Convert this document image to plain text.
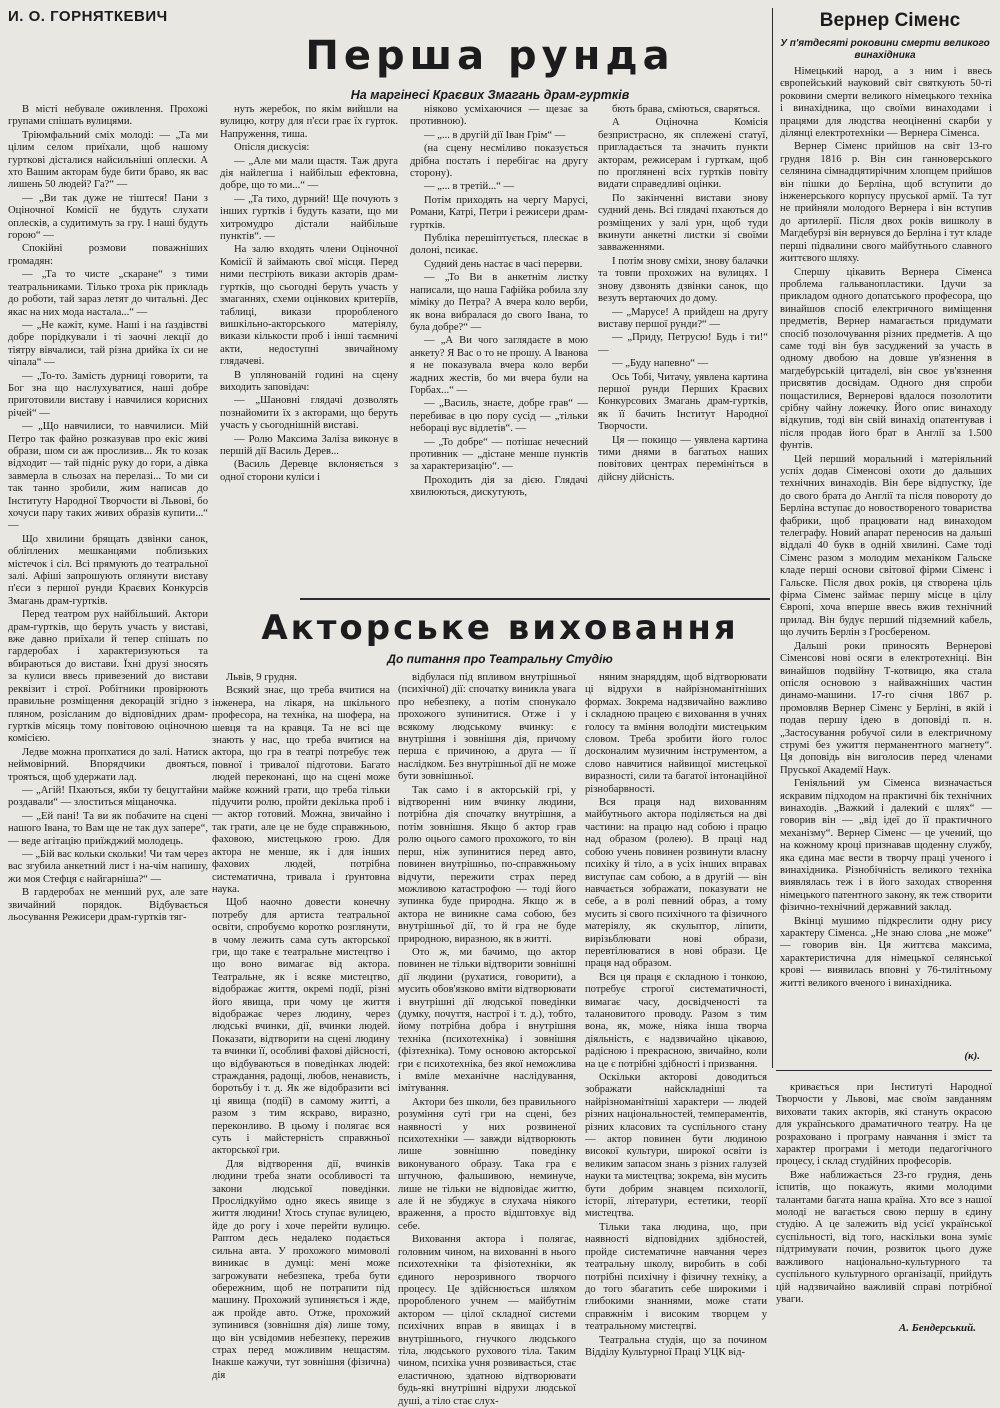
И. О. ГОРНЯТКЕВИЧ
Перша рунда
На маргінесі Краєвих Змагань драм-гуртків

В місті небувале оживлення. Прохожі групами спішать вулицями.

Тріюмфальний сміх молоді: — „Та ми цілим селом приїхали, щоб нашому гурткові дісталися найсильніші оплески. А хто Вашим акторам буде бити браво, як вас лишень 50 людей? Га?“ —

— „Ви так дуже не тіштеся! Пани з Оціночної Комісії не будуть слухати оплесків, а судитимуть за гру. І наші будуть горою“ —

Спокійні розмови поважніших громадян:

— „Та то чисте „скаране“ з тими театральниками. Тількo троха рік прикладь до роботи, тай зараз летят до читальні. Дес якас на них мода настала...“ —

— „Не кажіт, куме. Наші і на ґаздівстві добре порідкували і ті заочні лекції до тіятру вівчалиси, тай різна дрийка їх си не чіпала“ —

— „То-то. Замість дурниці говорити, та Бог зна що наслухуватися, наші добре приготовили виставу і навчилися корисних річей“ —

— „Що навчилиси, то навчилиси. Мій Петро так файно розказував про екіс живі образи, шом си аж прослизив... Як то козак відходит — тай підніс руку до гори, а дівка завмерла в сльозах на перелазі... То ми си так танно зробили, жим написав до Інституту Народної Творчости ві Львові, бо хочуси пару таких живих образів купити...“ —

Що хвилини брящать дзвінки санок, обліплених мешканцями поблизьких містечок і сіл. Всі прямують до театральної залі. Афіші запрошують оглянути виставу п'єси з першої рунди Краєвих Конкурсів Змагань драм-гуртків.

Перед театром рух найбільший. Актори драм-гуртків, що беруть участь у виставі, вже давно приїхали й тепер спішать по гардеробах і характеризуються та вбираються до вистави. Їхні друзі зносять за кулиси ввесь привезений до вистави реквізит і строї. Робітники провірюють правильне розміщення декорацій згідно з пляном, розісланим до відповідних драм-гуртків місяць тому повітовою оціночною комісією.

Ледве можна пропхатися до залі. Натиск неймовірний. Впорядчики двояться, трояться, щоб удержати лад.

— „Агій! Пхаються, якби ту бецугтайни роздавали“ — злоститься міщаночка.

— „Ей пані! Та ви як побачите на сцені нашого Івана, то Вам ще не так дух заперe“, — веде агітацію приїжджий молодець.

— „Бій вас кольки скольки! Чи там через вас згубила анкетний лист і на-чім напишу, жи моя Стефця є найгарніша?“ —

В гардеробах не менший рух, але зате звичайний порядок. Відбувається льосування Режисери драм-гуртків тяг-

нуть жеребок, по якім вийшли на вулицю, котру для п'єси грає їх гурток. Напруження, тиша.

Опісля дискусія:

— „Але ми мали щастя. Таж друга дія найлегша і найбільш ефектовна, добре, що то ми...“ —

— „Та тихо, дурний! Ще почують з інших гуртків і будуть казати, що ми хитромудро дістали найбільше пунктів“. —

На залю входять члени Оціночної Комісії й займають свої місця. Перед ними пестріють викази акторів драм-гуртків, що сьогодні беруть участь у змаганнях, схеми оцінкових критеріїв, таблиці, викази проробленого вишкільно-акторського матеріялу, викази кількости проб і інші таємничі акти, недоступні звичайному глядачеві.

В упляновaній годині на сцену виходить заповідач:

— „Шановні глядачі дозволять познайомити їх з акторами, що беруть участь у сьогоднішній виставі.

— Ролю Максима Заліза виконує в першій дії Василь Дерев...

(Василь Деревце вклоняється з одної сторони куліси і

ніяково усміхаючися — щезає за противною).

— „... в другій дії Іван Грім“ —

(на сцену несміливо показується дрібна постать і перебігає на другу сторону).

— „... в третій...“ —

Потім приходять на чергу Марусі, Романи, Катрі, Петри і режисери драм-гуртків.

Публіка перешіптується, плескає в долоні, псикає.

Судний день настає в часі перерви.

— „То Ви в анкетнім листку написали, що наша Гафійка робила злу міміку до Петра? А вчера коло верби, як вона вибралася до свого Івана, то була добре?“ —

— „А Ви чого заглядаєте в мою анкету? Я Вас о то не прошу. А Іванова я не показувала вчера коло верби жадних жестів, бо ми вчера були на Горбах...“ —

— „Василь, знаєте, добре грав“ — перебиває в цю пору сусід — „тільки небораці вус відлетів“. —

— „То добре“ — потішає нечесний противник — „дістане менше пунктів за характеризацію“. —

Проходить дія за дією. Глядачі хвилюються, дискутують,

бють брава, сміються, сваряться.

А Оціночна Комісія безпристрасно, як сплежені статуї, пригладається та значить пункти акторам, режисерам і гурткам, щоб по проглянені всіх гуртків повіту видати справедливі оцінки.

По закінченні вистави знову судний день. Всі глядачі пхаються до розміщених у залі урн, щоб туди вкинути анкетні листки зі своїми завваженнями.

І потім знову сміхи, знову балачки та товпи прохожих на вулицях. І знову дзвонять дзвінки санок, що везуть вертаючих до дому.

— „Марусе! А прийдеш на другу виставу першої рунди?“ —

— „Приду, Петрусю! Будь і ти!“ —

— „Буду напевно“ —

Ось Тобі, Читачу, уявлена картина першої рунди Перших Краєвих Конкурсових Змагань драм-гуртків, як її бачить Інститут Народної Творчости.

Ця — покищо — уявлена картина тими днями в багатьох наших повітових центрах перемініться в дійсну дійсність.

Акторське виховання
До питання про Театральну Студію

Львів, 9 грудня.

Всякий знає, що треба вчитися на інженера, на лікаря, на шкільного професора, на техніка, на шофера, на шевця та на кравця. Та не всі ще знають у нас, що треба вчитися на актора, що гра в театрі потребує теж повної і тривалої підготови. Багато людей переконані, що на сцені може майже кожний грати, що треба тільки підучити ролю, пройти декілька проб і — актор готовий. Можна, звичайно і так грати, але це не буде справжньою, фаховою, мистецькою грою. Для актора не менше, як і для інших фахових людей, потрібна систематична, тривала і ґрунтовна наука.

Щоб наочно довести конечну потребу для артиста театральної освіти, спробуємо коротко розглянути, в чому лежить сама суть акторської гри, що таке є театральне мистецтво і що воно вимагає від актора. Театральне, як і всяке мистецтво, відображає життя, окремі події, різні його явища, при чому це життя відображає через людину, через людські вчинки, дії, вчинки людей. Показати, відтворити на сцені людину та вчинки її, особливі фахові дійсності, що відбуваються в поведінках людей: страждання, радощі, любов, ненависть, боротьбу і т. д. Як же відобразити всі ці явища (події) в самому житті, а разом з тим яскраво, виразно, переконливо. В цьому і полягає вся суть і майстерність справжньої акторської гри.

Для відтворення дії, вчинків людини треба знати особливості та закони людської поведінки. Прослідкуймо одно якесь явище з життя людини! Хтось ступає вулицею, йде до рогу і хоче перейти вулицю. Раптом десь недалеко подається сильна авта. У прохожого мимоволі виникає в думці: мені може загрожувати небезпека, треба бути обережним, щоб не потрапити під машину. Прохожий зупиняється і жде, аж пройде авто. Отже, прохожий зупинився (зовнішня дія) лише тому, що він усвідомив небезпеку, пережив страх перед можливим нещастям. Інакше кажучи, тут зовнішня (фізична) дія

відбулася під впливом внутрішньої (психічної) дії: спочатку виникла увага про небезпеку, а потім спонукало прохожого зупинитися. Отже і у всякому людському вчинку: є внутрішня і зовнішня дія, причому перша є причиною, а друга — її наслідком. Без внутрішньої дії не може бути зовнішньої.

Так само і в акторській грі, у відтворенні ним вчинку людини, потрібна дія спочатку внутрішня, а потім зовнішня. Якщо б актор грав ролю оцього самого прохожого, то він перш, ніж зупинитися перед авто, повинен внутрішньо, по-справжньому відчути, пережити страх перед можливою катастрофою — тоді його зупинка буде природна. Якщо ж в актора не виникне сама собою, без внутрішньої дії, то й гра не буде природною, виразною, як в житті.

Ото ж, ми бачимо, що актор повинен не тільки відтворити зовнішні дії людини (рухатися, говорити), а мусить обов'язково вміти відтворювати і внутрішні дії людської поведінки (думку, почуття, настрої і т. д.), тобто, йому потрібна добра і внутрішня техніка (психотехніка) і зовнішня (фізтехніка). Тому основою акторської гри є психотехніка, без якої неможлива і вміле механічне наслідування, імітування.

Актори без школи, без правильного розуміння суті гри на сцені, без наявності у них розвиненої психотехніки — завжди відтворюють лише зовнішню поведінку виконуваного образу. Така гра є штучною, фальшивою, неминуче, лише не тільки не відповідає життю, але й не збуджує в слухача ніякого враження, а просто відштовхує від себе.

Виховання актора і полягає, головним чином, на вихованні в нього психотехніки та фізіотехніки, як єдиного нерозривного творчого процесу. Це здійснюється шляхом проробленого учнем — майбутнім актором — цілої складної системи психічних вправ в явищах і в внутрішнього, гнучкого людського тіла, людського рухового тіла. Таким чином, психіка учня розвивається, стає еластичною, здатною відтворювати будь-які внутрішні відрухи людської душі, а тіло стає слух-

няним знаряддям, щоб відтворювати ці відрухи в найрізноманітніших формах. Зокрема надзвичайно важливо і складною працею є виховання в учнях голосу та вміння володіти мистецьким словом. Треба зробити його голос досконалим музичним інструментом, а слово навчитися найвищої мистецької виразності, сили та багатої інтонаційної різнобарвності.

Вся праця над вихованням майбутнього актора поділяється на дві частини: на працю над собою і працю над образом (ролею). В праці над собою учень повинен розвинути власну психіку й тіло, а в усіх інших вправах виступає сам собою, а в другій — він навчається зображати, показувати не себе, а в ролі певний образ, а тому мусить зі свого психічного та фізичного матеріялу, як скульптор, ліпити, вирізьблювати нові образи, перевтілюватися в нові образи. Це праця над образом.

Вся ця праця є складною і тонкою, потребує строгої систематичності, вимагає часу, досвідченості та талановитого проводу. Разом з тим вона, як, може, ніяка інша творча діяльність, є надзвичайно цікавою, радісною і прекрасною, звичайно, коли на це є потрібні здібності і призвання.

Оскільки акторові доводиться зображати найскладніші та найрізноманітніші характери — людей різних національностей, темпераментів, різних класових та суспільного стану — актор повинен бути людиною високої культури, широкої освіти із великим запасом знань з різних галузей науки та мистецтва; зокрема, він мусить бути добрим знавцем психології, історії, літератури, естетики, теорії мистецтва.

Тільки така людина, що, при наявності відповідних здібностей, пройде систематичне навчання через театральну школу, виробить в собі потрібні психічну і фізичну техніку, а до того збагатить себе широкими і глибокими знаннями, може стати справжнім і високим творцем у театральному мистецтві.

Театральна студія, що за почином Відділу Культурної Праці УЦК від-

кривається при Інституті Народної Творчости у Львові, має своїм завданням виховати таких акторів, які стануть окрасою для українського драматичного театру. На це розраховано і програму навчання і зміст та характер програми і методи педагогічного процесу, і склад студійних професорів.

Вже наближається 23-го грудня, день іспитів, що покажуть, якими молодими талантами багата наша країна. Хто все з нашої молоді не вагається свою першу в єдину студію. А це залежить від усієї української суспільності, від того, наскільки вона зуміє підтримувати почин, розвиток цього дуже важливого національно-культурного та суспільного культурного організації, прийдуть цій надзвичайно важливій справі потрібної уваги.

А. Бендерський.
Вернер Сіменс
У п'ятдесяті роковини смерти великого винахідника

Німецький народ, а з ним і ввесь європейський науковий світ святкують 50-ті роковини смерти великого німецького техніка і винахідника, що своїми винаходами і працями для людства неоціненні скарби у ділянці електротехніки — Вернера Сіменса.

Вернер Сіменс прийшов на світ 13-го грудня 1816 р. Він син ганноверського селянина сімнадцятирічним хлопцем прийшов він пішки до Берліна, щоб вступити до інженерського корпусу пруської армії. Та тут не прийняли молодого Вернера і він вступив до артилерії. Після двох років вишколу в Магдебурзі він вернувся до Берліна і тут кладе перші підвалини свого майбутнього славного життєвого шляху.

Спершу цікавить Вернера Сіменса проблема гальванопластики. Ідучи за прикладом одного допатського професора, що винайшов спосіб електричного виміщення предметів, Вернер намагається придумати спосіб позолочування різних предметів. А що саме тоді він був засуджений за участь в одному двобою на довше ув'язнення в магдебурській цитаделі, він своє ув'язнення присвятив досвідам. Одного дня спроби пощастилися, Вернерові вдалося позолотити срібну чайну ложечку. Його опис винаходу відкупив, тоді він свій винахід опатентував і після продав його брат в Англії за 1.500 фунтів.

Цей перший моральний і матеріяльний успіх додав Сіменсові охоти до дальших технічних винаходів. Він бере відпустку, їде до свого брата до Англії та після повороту до Берліна вступає до новоствореного товариства фабрики, щоб працювати над винаходом телеграфу. Новий апарат переносив на дальші віддалі 40 букв в одній хвилині. Саме тоді Сіменс разом з молодим механіком Гальске кладе перші основи світової фірми Сіменс і Гальске. Після двох років, ця створена ціль фірма Сіменс займає першу місце в цілу Європі, хоча вперше ввесь вжив технічний прилад. Він будує перший підземний кабель, що лучить Берлін з Гросбереном.

Дальші роки приносять Вернерові Сіменсові нові осяги в електротехніці. Він винайшов подвійну Т-котвицю, яка стала опісля основою з найважніших частин динамо-машини. 17-го січня 1867 р. промовляв Вернер Сіменс у Берліні, в якій і подав першу ідею в доповіді п. н. „Застосування робучої сили в електричному струмі без ужиття перманентного магнету“. Ця доповідь він виголосив перед членами Пруської Академії Наук.

Геніяльний ум Сіменса визначається яскравим підходом на практичні бік технічних винаходів. „Важкий і далекий є шлях“ — говорив він — „від ідеї до її практичного механізму“. Вернер Сіменс — це учений, що на кожному кроці признавав щоденну службу, яка єдина має вести в творчу праці ученого і винахідника. Різнобічність великого техніка виявлялась теж і в його заходах створення німецького патентного закону, як теж створити фізично-технічний державний заклад.

Вкінці мушимо підкреслити одну рису характеру Сіменса. „Не знаю слова „не може“ — говорив він. Ця життєва максима, характеристична для німецької селянської крові — виявилась вповні у 76-тилітньому житті великого вченого і винахідника.

(к).
